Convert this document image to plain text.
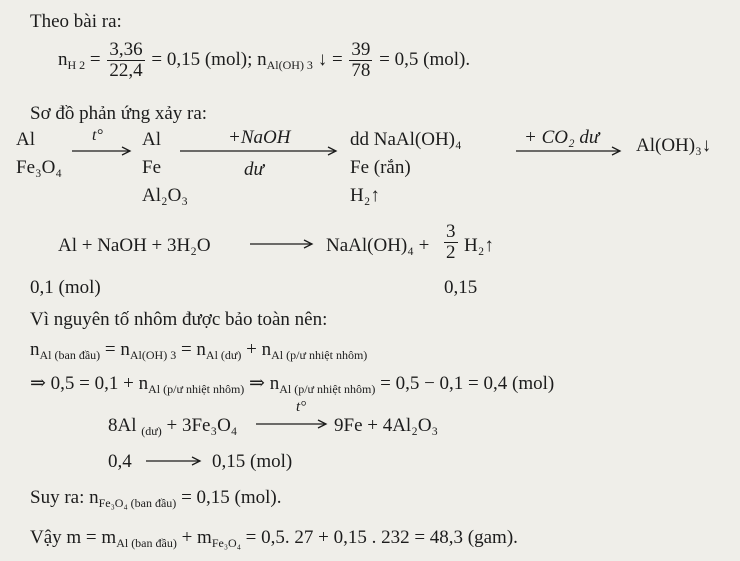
Theo bài ra:
$n_{H 2} = \frac{3,36}{22,4} = 0,15$ (mol); $n_{Al(OH) 3}$ ↓ = $\frac{39}{78} = 0,5$ (mol).
Sơ đồ phản ứng xảy ra:
Al
Fe₃O₄
t° Al
Fe
Al₂O₃
+NaOH
dư
dd NaAl(OH)₄
Fe (rắn)
H₂↑
+ CO₂ dư Al(OH)₃↓
Al + NaOH + 3H₂O	NaAl(OH)₄ + $\frac{3}{2}$ H₂↑
0,1 (mol)	0,15
Vì nguyên tố nhôm được bảo toàn nên:
$n_{Al (ban đầu)} = n_{Al(OH) 3} = n_{Al (dư)} + n_{Al (p/ư nhiệt nhôm)}$
⇒ $0,5 = 0,1 + n_{Al (p/ư nhiệt nhôm)}$ ⇒ $n_{Al (p/ư nhiệt nhôm)} = 0,5 - 0,1 = 0,4$ (mol)
8Al $_{(dư)}$ + 3Fe₃O₄
t°
9Fe + 4Al₂O₃
0,4	0,15 (mol)
Suy ra: $n_{Fe_3O_4}$ $_{(ban đầu)}$ = 0,15 (mol).
Vậy $m = m_{Al (ban đầu)} + m_{Fe_3O_4} = 0,5$. 27 + 0,15 . 232 = 48,3 (gam).
